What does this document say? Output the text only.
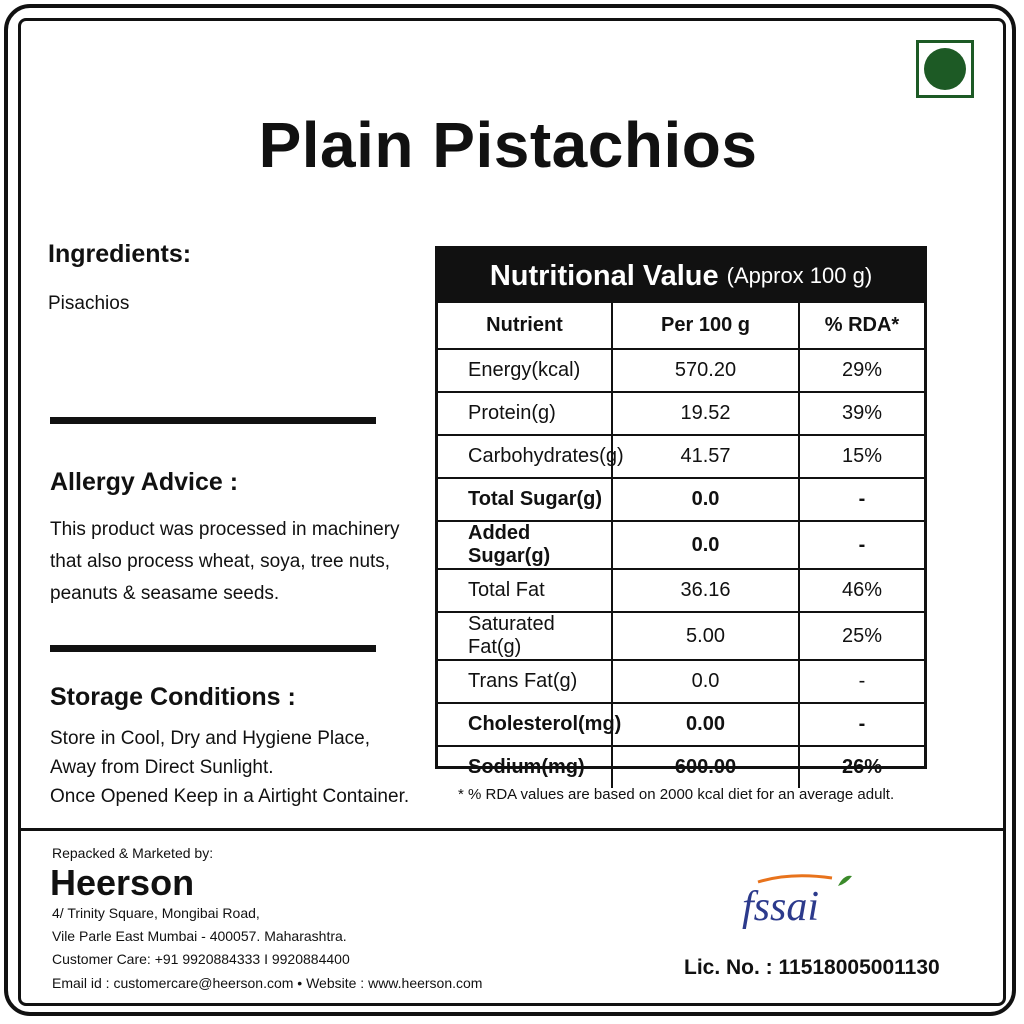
Plain Pistachios
Ingredients:
Pisachios
Allergy Advice :
This product was processed in machinery
that also process wheat, soya, tree nuts,
peanuts & seasame seeds.
Storage Conditions :
Store in Cool, Dry and Hygiene Place,
Away from Direct Sunlight.
Once Opened Keep in a Airtight Container.
Nutritional Value (Approx 100 g)
Nutrient	Per 100 g	% RDA*
Energy(kcal)	570.20	29%
Protein(g)	19.52	39%
Carbohydrates(g)	41.57	15%
Total Sugar(g)	0.0	-
Added Sugar(g)	0.0	-
Total Fat	36.16	46%
Saturated Fat(g)	5.00	25%
Trans Fat(g)	0.0	-
Cholesterol(mg)	0.00	-
Sodium(mg)	600.00	26%
* % RDA values are based on 2000 kcal diet for an average adult.
Repacked & Marketed by:
Heerson
4/ Trinity Square, Mongibai Road,
Vile Parle East Mumbai - 400057. Maharashtra.
Customer Care: +91 9920884333 I 9920884400
Email id : customercare@heerson.com • Website : www.heerson.com
fssai
Lic. No. : 11518005001130
